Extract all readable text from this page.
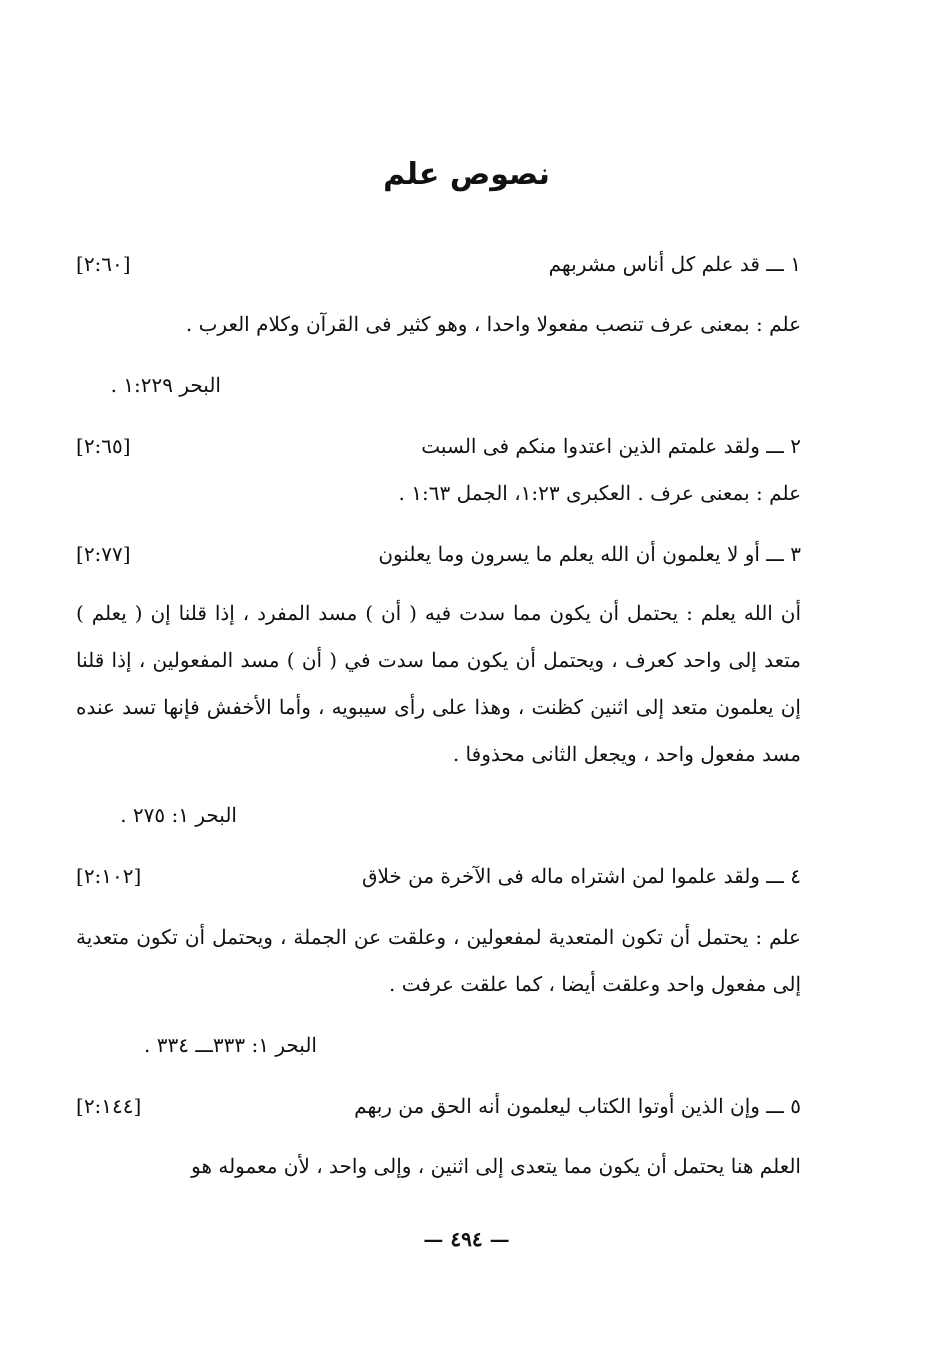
نصوص علم
١ ـــ قد علم كل أناس مشربهم
[٢:٦٠]

علم : بمعنى عرف تنصب مفعولا واحدا ، وهو كثير فى القرآن وكلام العرب .

البحر ١:٢٢٩ .
٢ ـــ ولقد علمتم الذين اعتدوا منكم فى السبت
[٢:٦٥]

علم : بمعنى عرف . العكبرى ١:٢٣، الجمل ١:٦٣ .

٣ ـــ أو لا يعلمون أن الله يعلم ما يسرون وما يعلنون
[٢:٧٧]

أن الله يعلم : يحتمل أن يكون مما سدت فيه ( أن ) مسد المفرد ، إذا قلنا إن ( يعلم ) متعد إلى واحد كعرف ، ويحتمل أن يكون مما سدت في ( أن ) مسد المفعولين ، إذا قلنا إن يعلمون متعد إلى اثنين كظنت ، وهذا على رأى سيبويه ، وأما الأخفش فإنها تسد عنده مسد مفعول واحد ، ويجعل الثانى محذوفا .

البحر ١: ٢٧٥ .
٤ ـــ ولقد علموا لمن اشتراه ماله فى الآخرة من خلاق
[٢:١٠٢]

علم : يحتمل أن تكون المتعدية لمفعولين ، وعلقت عن الجملة ، ويحتمل أن تكون متعدية إلى مفعول واحد وعلقت أيضا ، كما علقت عرفت .

البحر ١: ٣٣٣ـــ ٣٣٤ .
٥ ـــ وإن الذين أوتوا الكتاب ليعلمون أنه الحق من ربهم
[٢:١٤٤]

العلم هنا يحتمل أن يكون مما يتعدى إلى اثنين ، وإلى واحد ، لأن معموله هو

— ٤٩٤ —
